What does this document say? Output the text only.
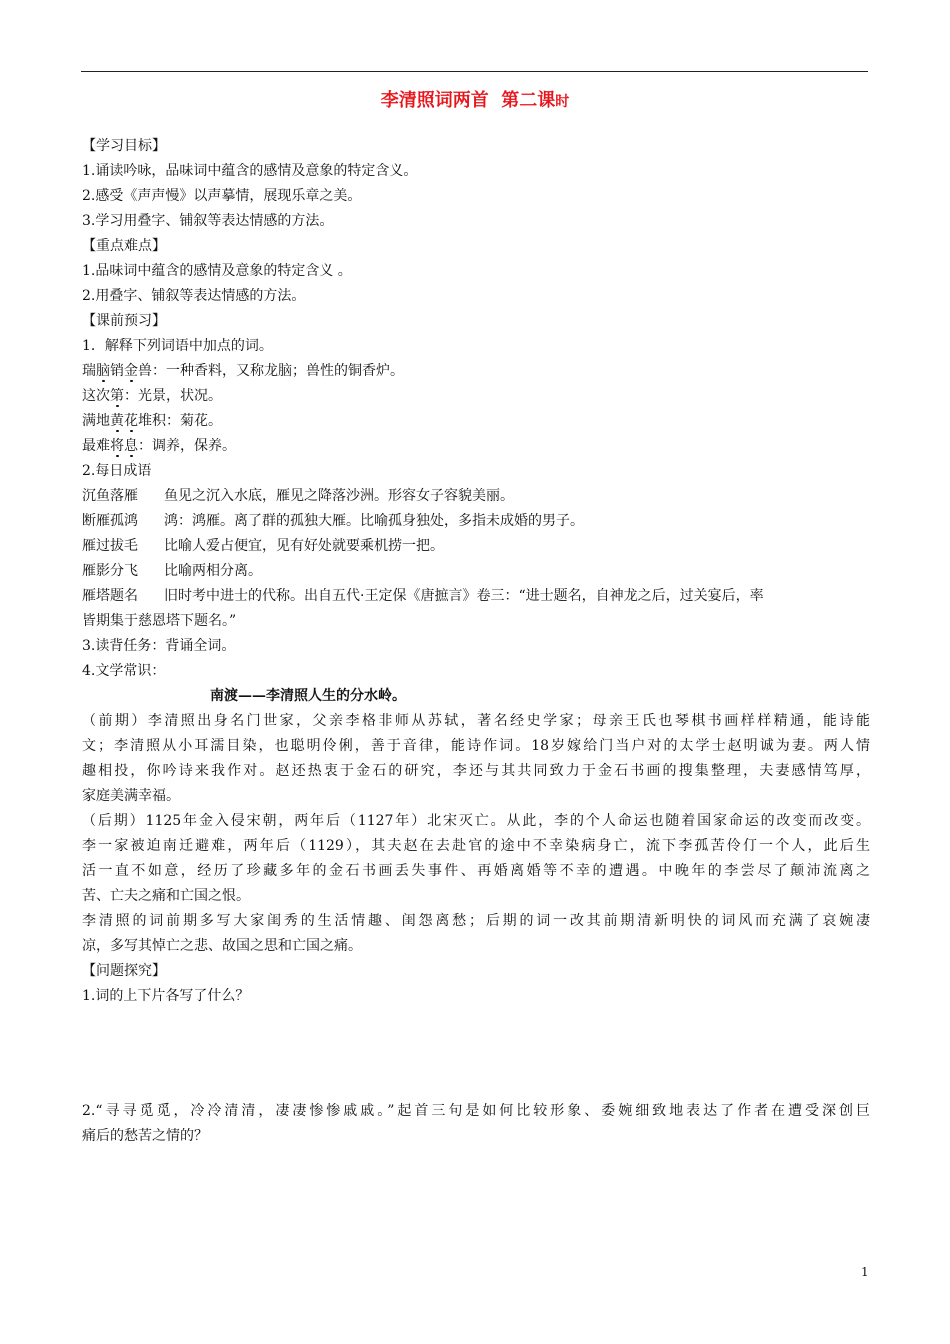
李清照词两首  第二课时
【学习目标】
1.诵读吟咏，品味词中蕴含的感情及意象的特定含义。
2.感受《声声慢》以声摹情，展现乐章之美。
3.学习用叠字、铺叙等表达情感的方法。
【重点难点】
1.品味词中蕴含的感情及意象的特定含义 。
2.用叠字、铺叙等表达情感的方法。
【课前预习】
1．解释下列词语中加点的词。
瑞脑销金兽：一种香料，又称龙脑；兽性的铜香炉。
这次第：光景，状况。
满地黄花堆积：菊花。
最难将息：调养，保养。
2.每日成语
沉鱼落雁 鱼见之沉入水底，雁见之降落沙洲。形容女子容貌美丽。
断雁孤鸿 鸿：鸿雁。离了群的孤独大雁。比喻孤身独处，多指未成婚的男子。
雁过拔毛 比喻人爱占便宜，见有好处就要乘机捞一把。
雁影分飞 比喻两相分离。
雁塔题名 旧时考中进士的代称。出自五代·王定保《唐摭言》卷三：“进士题名，自神龙之后，过关宴后，率
皆期集于慈恩塔下题名。”
3.读背任务：背诵全词。
4.文学常识：
南渡——李清照人生的分水岭。
（前期）李清照出身名门世家，父亲李格非师从苏轼，著名经史学家；母亲王氏也琴棋书画样样精通，能诗能
文；李清照从小耳濡目染，也聪明伶俐，善于音律，能诗作词。18岁嫁给门当户对的太学士赵明诚为妻。两人情
趣相投，你吟诗来我作对。赵还热衷于金石的研究，李还与其共同致力于金石书画的搜集整理，夫妻感情笃厚，
家庭美满幸福。
（后期）1125年金入侵宋朝，两年后（1127年）北宋灭亡。从此，李的个人命运也随着国家命运的改变而改变。
李一家被迫南迁避难，两年后（1129），其夫赵在去赴官的途中不幸染病身亡，流下李孤苦伶仃一个人，此后生
活一直不如意，经历了珍藏多年的金石书画丢失事件、再婚离婚等不幸的遭遇。中晚年的李尝尽了颠沛流离之
苦、亡夫之痛和亡国之恨。
李清照的词前期多写大家闺秀的生活情趣、闺怨离愁；后期的词一改其前期清新明快的词风而充满了哀婉凄
凉，多写其悼亡之悲、故国之思和亡国之痛。
【问题探究】
1.词的上下片各写了什么？
2.“寻寻觅觅，冷冷清清，凄凄惨惨戚戚。”起首三句是如何比较形象、委婉细致地表达了作者在遭受深创巨
痛后的愁苦之情的？
1
